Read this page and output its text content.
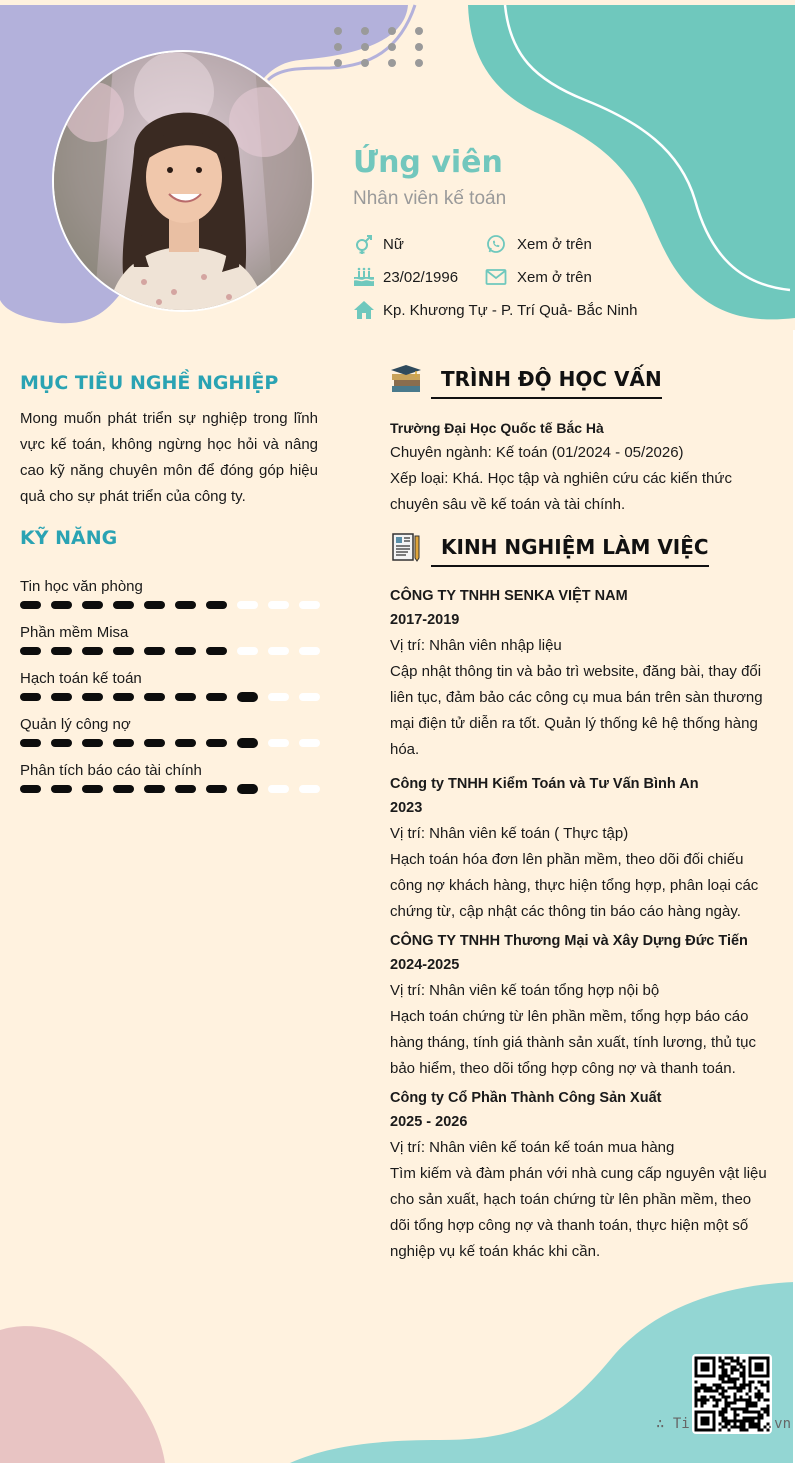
Ứng viên
Nhân viên kế toán
Nữ	Xem ở trên
23/02/1996	Xem ở trên
Kp. Khương Tự - P. Trí Quả- Bắc Ninh
MỤC TIÊU NGHỀ NGHIỆP
Mong muốn phát triển sự nghiệp trong lĩnh vực kế toán, không ngừng học hỏi và nâng cao kỹ năng chuyên môn để đóng góp hiệu quả cho sự phát triển của công ty.
KỸ NĂNG
Tin học văn phòng
Phần mềm Misa
Hạch toán kế toán
Quản lý công nợ
Phân tích báo cáo tài chính
TRÌNH ĐỘ HỌC VẤN
Trường Đại Học Quốc tế Bắc Hà
Chuyên ngành: Kế toán (01/2024 - 05/2026)
Xếp loại: Khá. Học tập và nghiên cứu các kiến thức chuyên sâu về kế toán và tài chính.
KINH NGHIỆM LÀM VIỆC
CÔNG TY TNHH SENKA VIỆT NAM
2017-2019
Vị trí: Nhân viên nhập liệu
Cập nhật thông tin và bảo trì website, đăng bài, thay đổi liên tục, đảm bảo các công cụ mua bán trên sàn thương mại điện tử diễn ra tốt. Quản lý thống kê hệ thống hàng hóa.
Công ty TNHH Kiểm Toán và Tư Vấn Bình An
2023
Vị trí: Nhân viên kế toán ( Thực tập)
Hạch toán hóa đơn lên phần mềm, theo dõi đối chiếu công nợ khách hàng, thực hiện tổng hợp, phân loại các chứng từ, cập nhật các thông tin báo cáo hàng ngày.
CÔNG TY TNHH Thương Mại và Xây Dựng Đức Tiến
2024-2025
Vị trí: Nhân viên kế toán tổng hợp nội bộ
Hạch toán chứng từ lên phần mềm, tổng hợp báo cáo hàng tháng, tính giá thành sản xuất, tính lương, thủ tục bảo hiểm, theo dõi tổng hợp công nợ và thanh toán.
Công ty Cổ Phần Thành Công Sản Xuất
2025 - 2026
Vị trí: Nhân viên kế toán kế toán mua hàng
Tìm kiếm và đàm phán với nhà cung cấp nguyên vật liệu cho sản xuất, hạch toán chứng từ lên phần mềm, theo dõi tổng hợp công nợ và thanh toán, thực hiện một số nghiệp vụ kế toán khác khi cần.
∴ Ti	.vn
